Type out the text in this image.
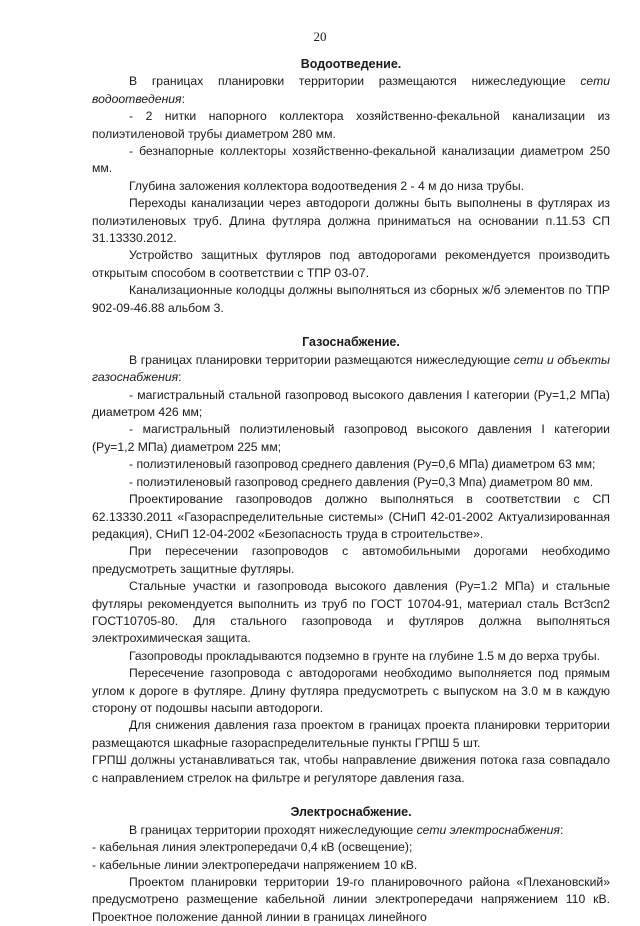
20
Водоотведение.

В границах планировки территории размещаются нижеследующие сети водоотведения:

- 2 нитки напорного коллектора хозяйственно-фекальной канализации из полиэтиленовой трубы диаметром 280 мм.

- безнапорные коллекторы хозяйственно-фекальной канализации диаметром 250 мм.

Глубина заложения коллектора водоотведения 2 - 4 м до низа трубы.

Переходы канализации через автодороги должны быть выполнены в футлярах из полиэтиленовых труб. Длина футляра должна приниматься на основании п.11.53 СП 31.13330.2012.

Устройство защитных футляров под автодорогами рекомендуется производить открытым способом в соответствии с ТПР 03-07.

Канализационные колодцы должны выполняться из сборных ж/б элементов по ТПР 902-09-46.88 альбом 3.

Газоснабжение.

В границах планировки территории размещаются нижеследующие сети и объекты газоснабжения:

- магистральный стальной газопровод высокого давления I категории (Ру=1,2 МПа) диаметром 426 мм;

- магистральный полиэтиленовый газопровод высокого давления I категории (Ру=1,2 МПа) диаметром 225 мм;

- полиэтиленовый газопровод среднего давления (Ру=0,6 МПа) диаметром 63 мм;

- полиэтиленовый газопровод среднего давления (Ру=0,3 Мпа) диаметром 80 мм.

Проектирование газопроводов должно выполняться в соответствии с СП 62.13330.2011 «Газораспределительные системы» (СНиП 42-01-2002 Актуализированная редакция), СНиП 12-04-2002 «Безопасность труда в строительстве».

При пересечении газопроводов с автомобильными дорогами необходимо предусмотреть защитные футляры.

Стальные участки и газопровода высокого давления (Ру=1.2 МПа) и стальные футляры рекомендуется выполнить из труб по ГОСТ 10704-91, материал сталь Вст3сп2 ГОСТ10705-80. Для стального газопровода и футляров должна выполняться электрохимическая защита.

Газопроводы прокладываются подземно в грунте на глубине 1.5 м до верха трубы.

Пересечение газопровода с автодорогами необходимо выполняется под прямым углом к дороге в футляре. Длину футляра предусмотреть с выпуском на 3.0 м в каждую сторону от подошвы насыпи автодороги.

Для снижения давления газа проектом в границах проекта планировки территории размещаются шкафные газораспределительные пункты ГРПШ 5 шт.

ГРПШ должны устанавливаться так, чтобы направление движения потока газа совпадало с направлением стрелок на фильтре и регуляторе давления газа.

Электроснабжение.

В границах территории проходят нижеследующие сети электроснабжения:

- кабельная линия электропередачи 0,4 кВ (освещение);

- кабельные линии электропередачи напряжением 10 кВ.

Проектом планировки территории 19-го планировочного района «Плехановский» предусмотрено размещение кабельной линии электропередачи напряжением 110 кВ. Проектное положение данной линии в границах линейного
